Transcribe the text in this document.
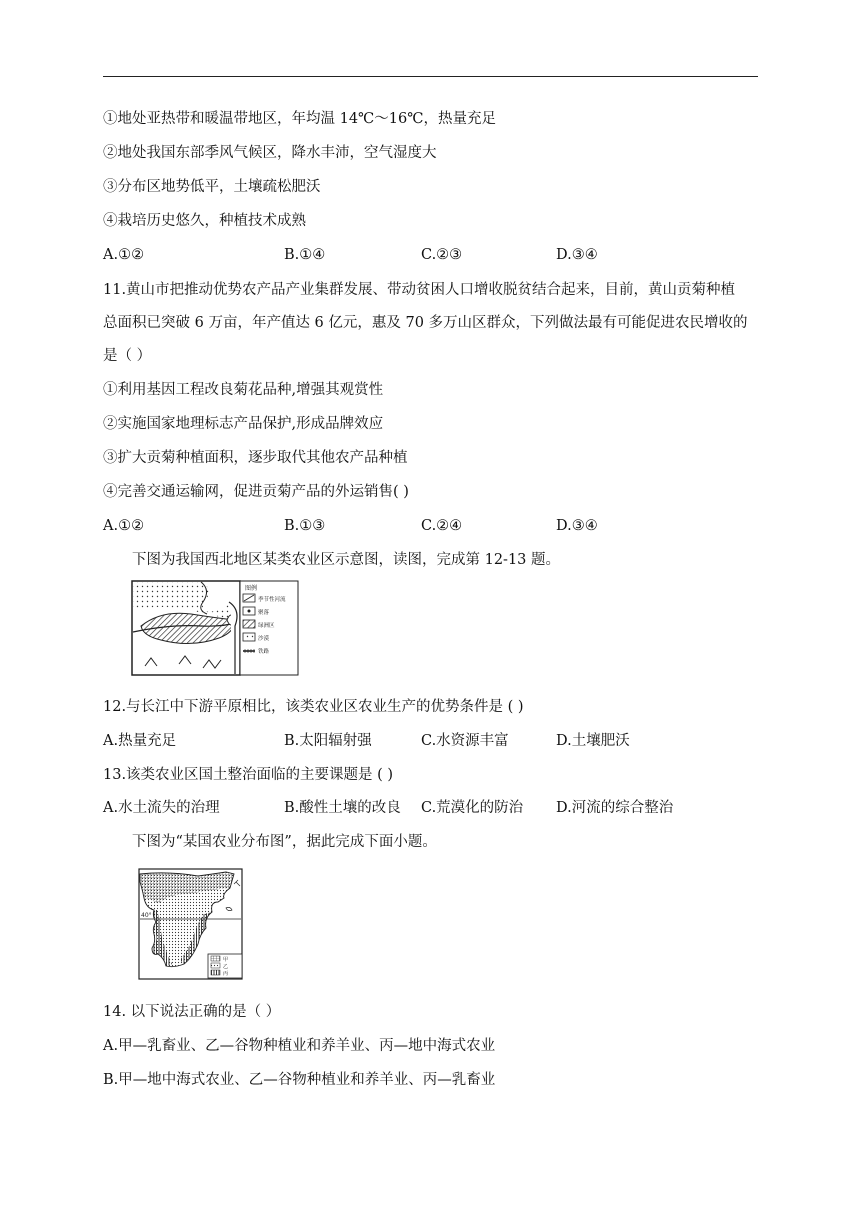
①地处亚热带和暖温带地区，年均温 14℃～16℃，热量充足
②地处我国东部季风气候区，降水丰沛，空气湿度大
③分布区地势低平，土壤疏松肥沃
④栽培历史悠久，种植技术成熟
A.①②	B.①④	C.②③	D.③④
11.黄山市把推动优势农产品产业集群发展、带动贫困人口增收脱贫结合起来，目前，黄山贡菊种植
总面积已突破 6 万亩，年产值达 6 亿元，惠及 70 多万山区群众，下列做法最有可能促进农民增收的
是（ ）
①利用基因工程改良菊花品种,增强其观赏性
②实施国家地理标志产品保护,形成品牌效应
③扩大贡菊种植面积，逐步取代其他农产品种植
④完善交通运输网，促进贡菊产品的外运销售( )
A.①②	B.①③	C.②④	D.③④
下图为我国西北地区某类农业区示意图，读图，完成第 12-13 题。
图例
季节性河流
聚落
绿洲区
沙漠
铁路
12.与长江中下游平原相比，该类农业区农业生产的优势条件是 ( )
A.热量充足	B.太阳辐射强	C.水资源丰富	D.土壤肥沃
13.该类农业区国土整治面临的主要课题是 ( )
A.水土流失的治理	B.酸性土壤的改良 C.荒漠化的防治 D.河流的综合整治
下图为“某国农业分布图”，据此完成下面小题。
40°
甲
乙
丙
14. 以下说法正确的是（ ）
A.甲—乳畜业、乙—谷物种植业和养羊业、丙—地中海式农业
B.甲—地中海式农业、乙—谷物种植业和养羊业、丙—乳畜业
